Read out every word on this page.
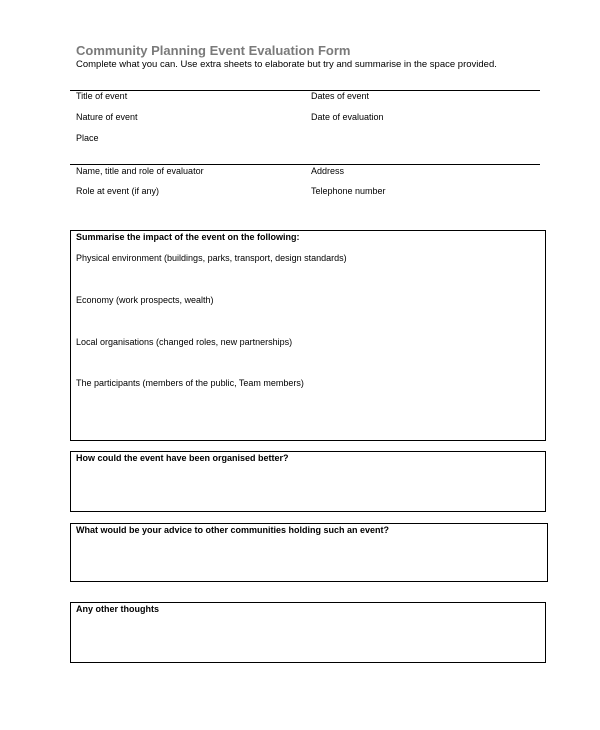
Community Planning Event Evaluation Form
Complete what you can. Use extra sheets to elaborate but try and summarise in the space provided.
Title of event	Dates of event
Nature of event	Date of evaluation
Place
Name, title and role of evaluator	Address
Role at event (if any)	Telephone number
Summarise the impact of the event on the following:
Physical environment (buildings, parks, transport, design standards)
Economy (work prospects, wealth)
Local organisations (changed roles, new partnerships)
The participants (members of the public, Team members)
How could the event have been organised better?
What would be your advice to other communities holding such an event?
Any other thoughts
